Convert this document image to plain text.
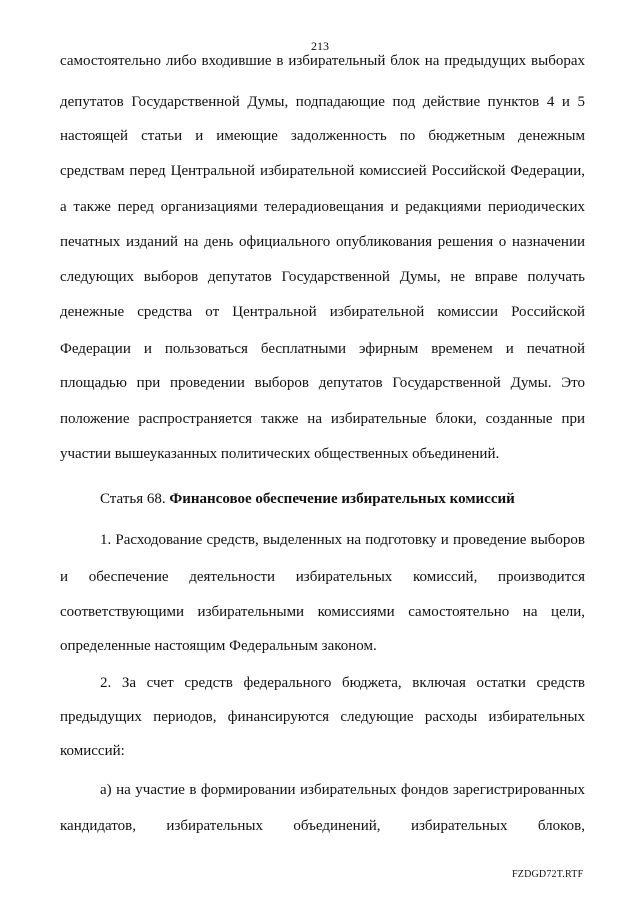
213
самостоятельно либо входившие в избирательный блок на предыдущих выборах
депутатов Государственной Думы, подпадающие под действие пунктов 4 и 5
настоящей статьи и имеющие задолженность по бюджетным денежным
средствам перед Центральной избирательной комиссией Российской Федерации,
а также перед организациями телерадиовещания и редакциями периодических
печатных изданий на день официального опубликования решения о назначении
следующих выборов депутатов Государственной Думы, не вправе получать
денежные средства от Центральной избирательной комиссии Российской
Федерации и пользоваться бесплатными эфирным временем и печатной
площадью при проведении выборов депутатов Государственной Думы. Это
положение распространяется также на избирательные блоки, созданные при
участии вышеуказанных политических общественных объединений.
Статья 68. Финансовое обеспечение избирательных комиссий
1. Расходование средств, выделенных на подготовку и проведение выборов
и обеспечение деятельности избирательных комиссий, производится
соответствующими избирательными комиссиями самостоятельно на цели,
определенные настоящим Федеральным законом.
2. За счет средств федерального бюджета, включая остатки средств
предыдущих периодов, финансируются следующие расходы избирательных
комиссий:
а) на участие в формировании избирательных фондов зарегистрированных
кандидатов, избирательных объединений, избирательных блоков,
FZDGD72T.RTF
